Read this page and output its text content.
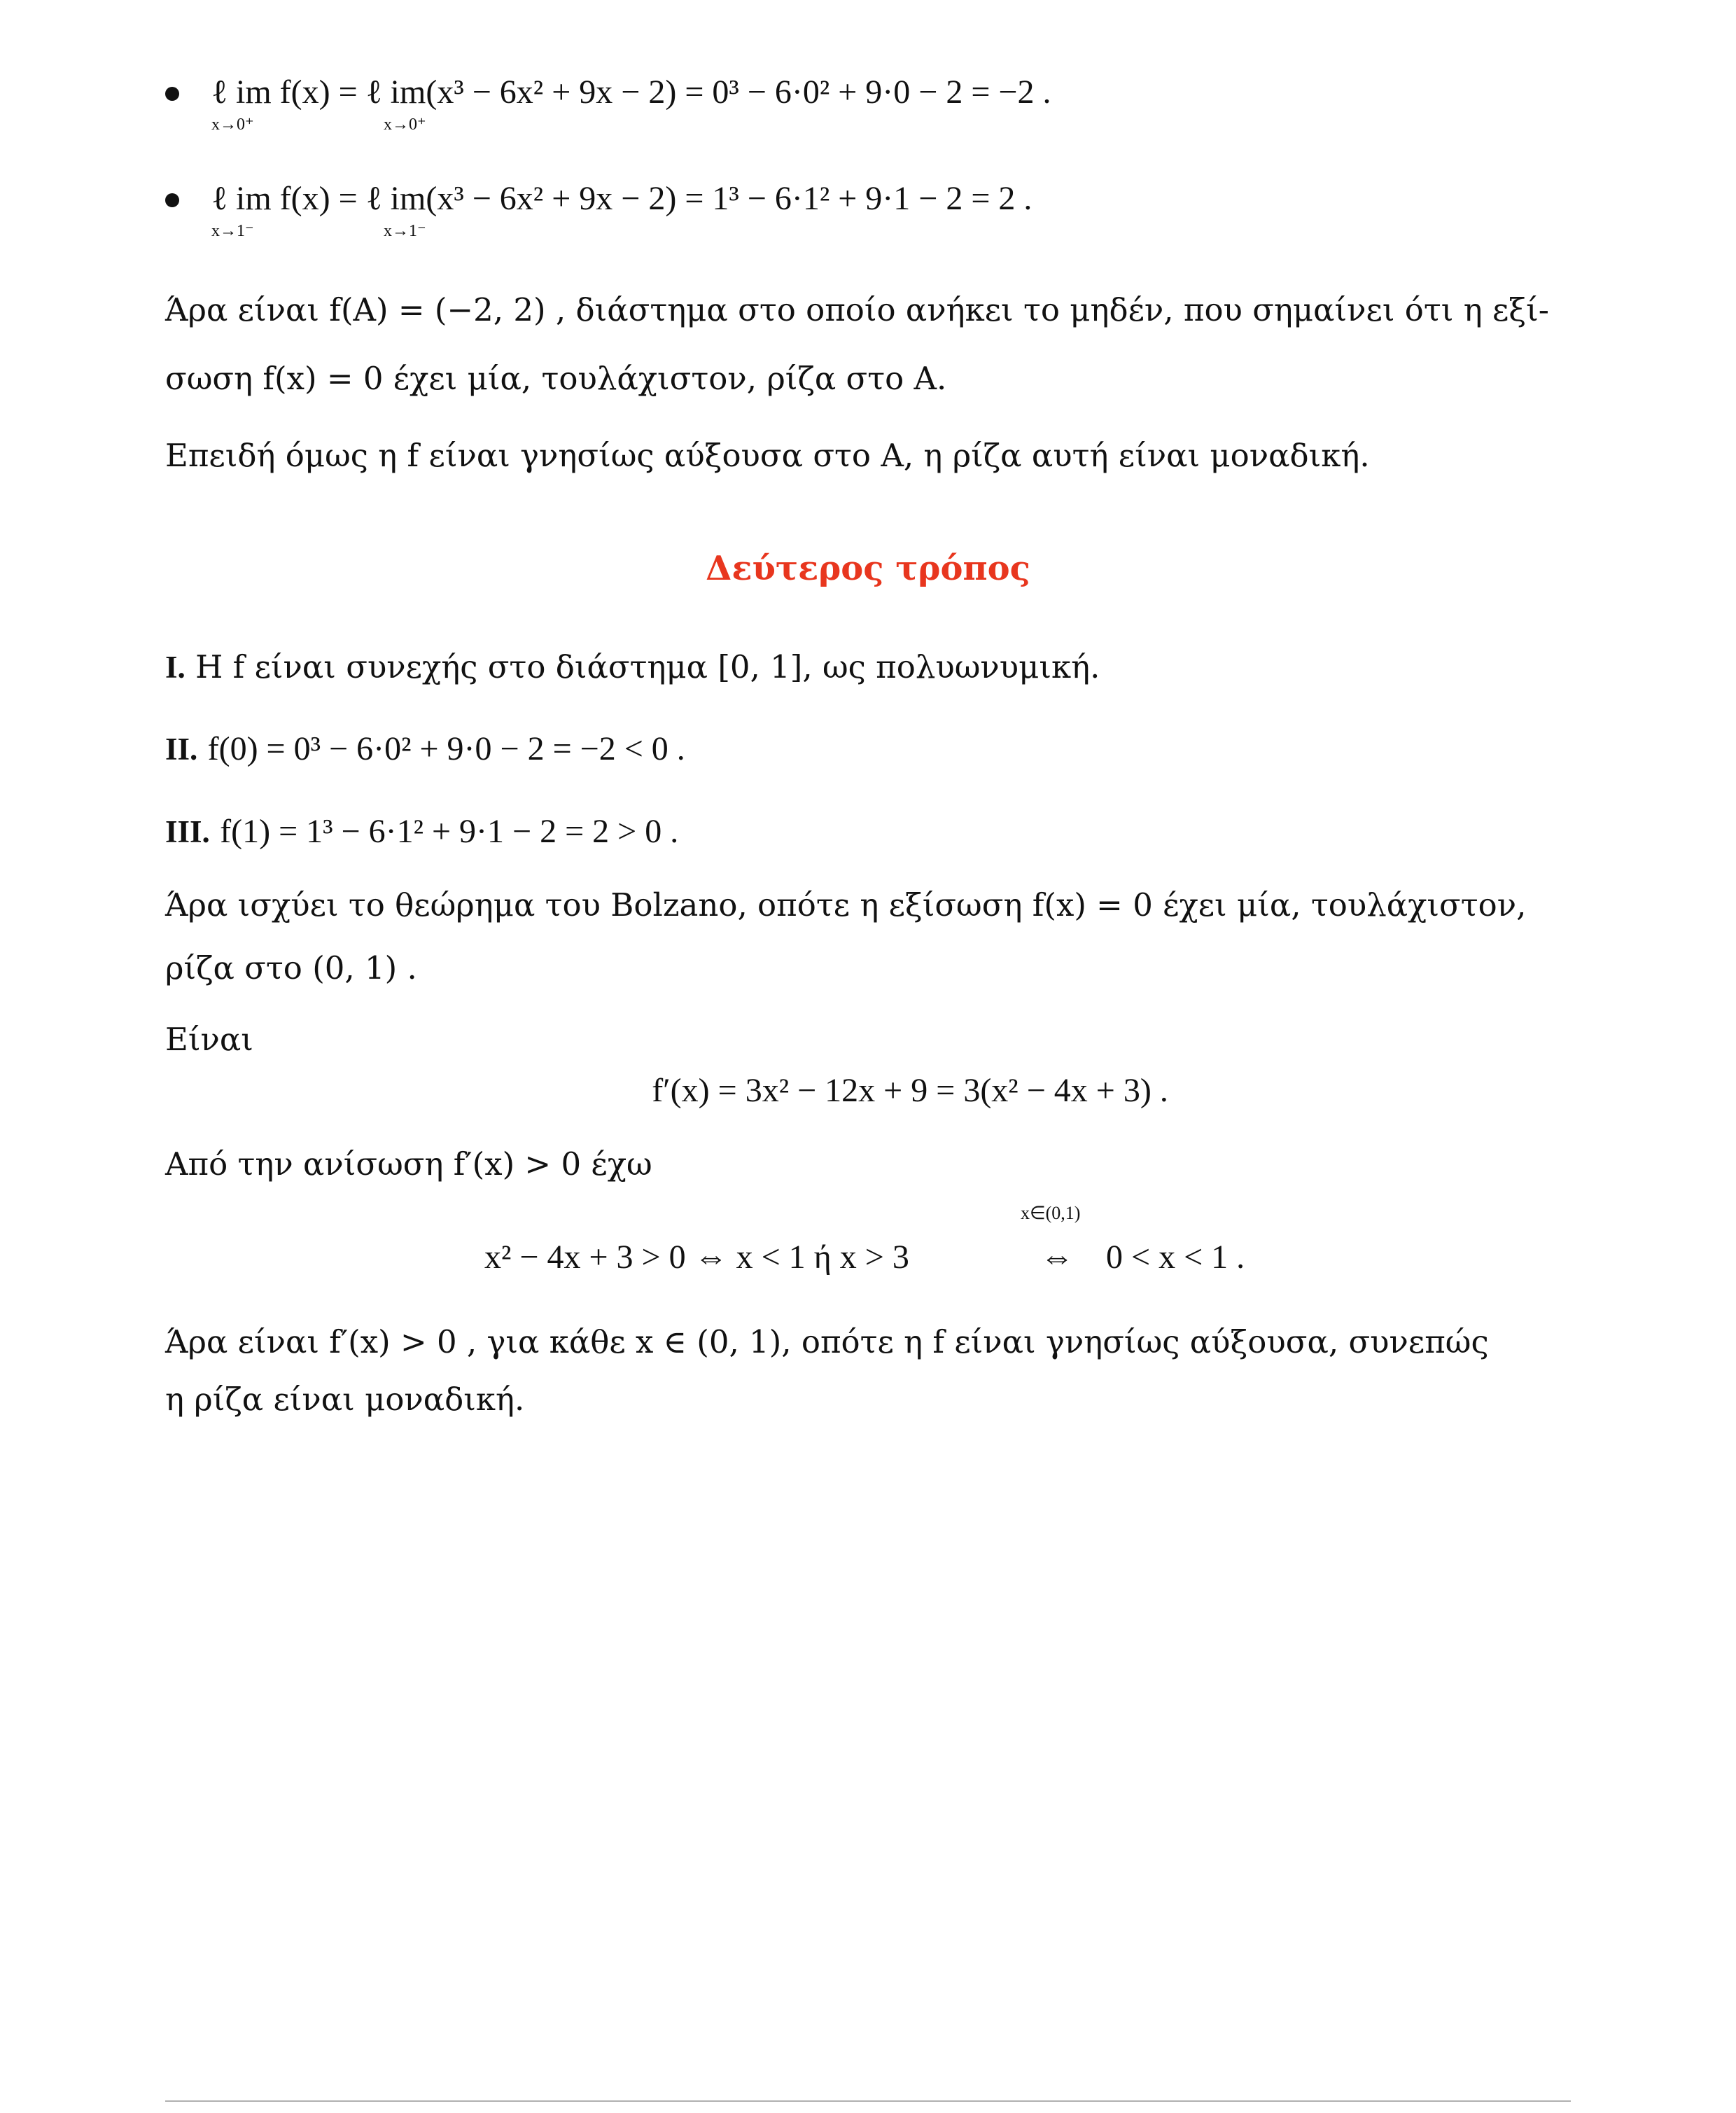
ℓ im f(x) = ℓ im(x³ − 6x² + 9x − 2) = 0³ − 6·0² + 9·0 − 2 = −2 .
x→0⁺	x→0⁺
ℓ im f(x) = ℓ im(x³ − 6x² + 9x − 2) = 1³ − 6·1² + 9·1 − 2 = 2 .
x→1⁻	x→1⁻
Άρα είναι f(A) = (−2, 2) , διάστημα στο οποίο ανήκει το μηδέν, που σημαίνει ότι η εξί-
σωση f(x) = 0 έχει μία, τουλάχιστον, ρίζα στο A.
Επειδή όμως η f είναι γνησίως αύξουσα στο A, η ρίζα αυτή είναι μοναδική.
Δεύτερος τρόπος
I. Η f είναι συνεχής στο διάστημα [0, 1], ως πολυωνυμική.
II. f(0) = 0³ − 6·0² + 9·0 − 2 = −2 < 0 .
III. f(1) = 1³ − 6·1² + 9·1 − 2 = 2 > 0 .
Άρα ισχύει το θεώρημα του Bolzano, οπότε η εξίσωση f(x) = 0 έχει μία, τουλάχιστον,
ρίζα στο (0, 1) .
Είναι
f′(x) = 3x² − 12x + 9 = 3(x² − 4x + 3) .
Από την ανίσωση f′(x) > 0 έχω
x² − 4x + 3 > 0 ⇔ x < 1 ή x > 3
x∈(0,1)
⇔ 0 < x < 1 .
Άρα είναι f′(x) > 0 , για κάθε x ∈ (0, 1), οπότε η f είναι γνησίως αύξουσα, συνεπώς
η ρίζα είναι μοναδική.
